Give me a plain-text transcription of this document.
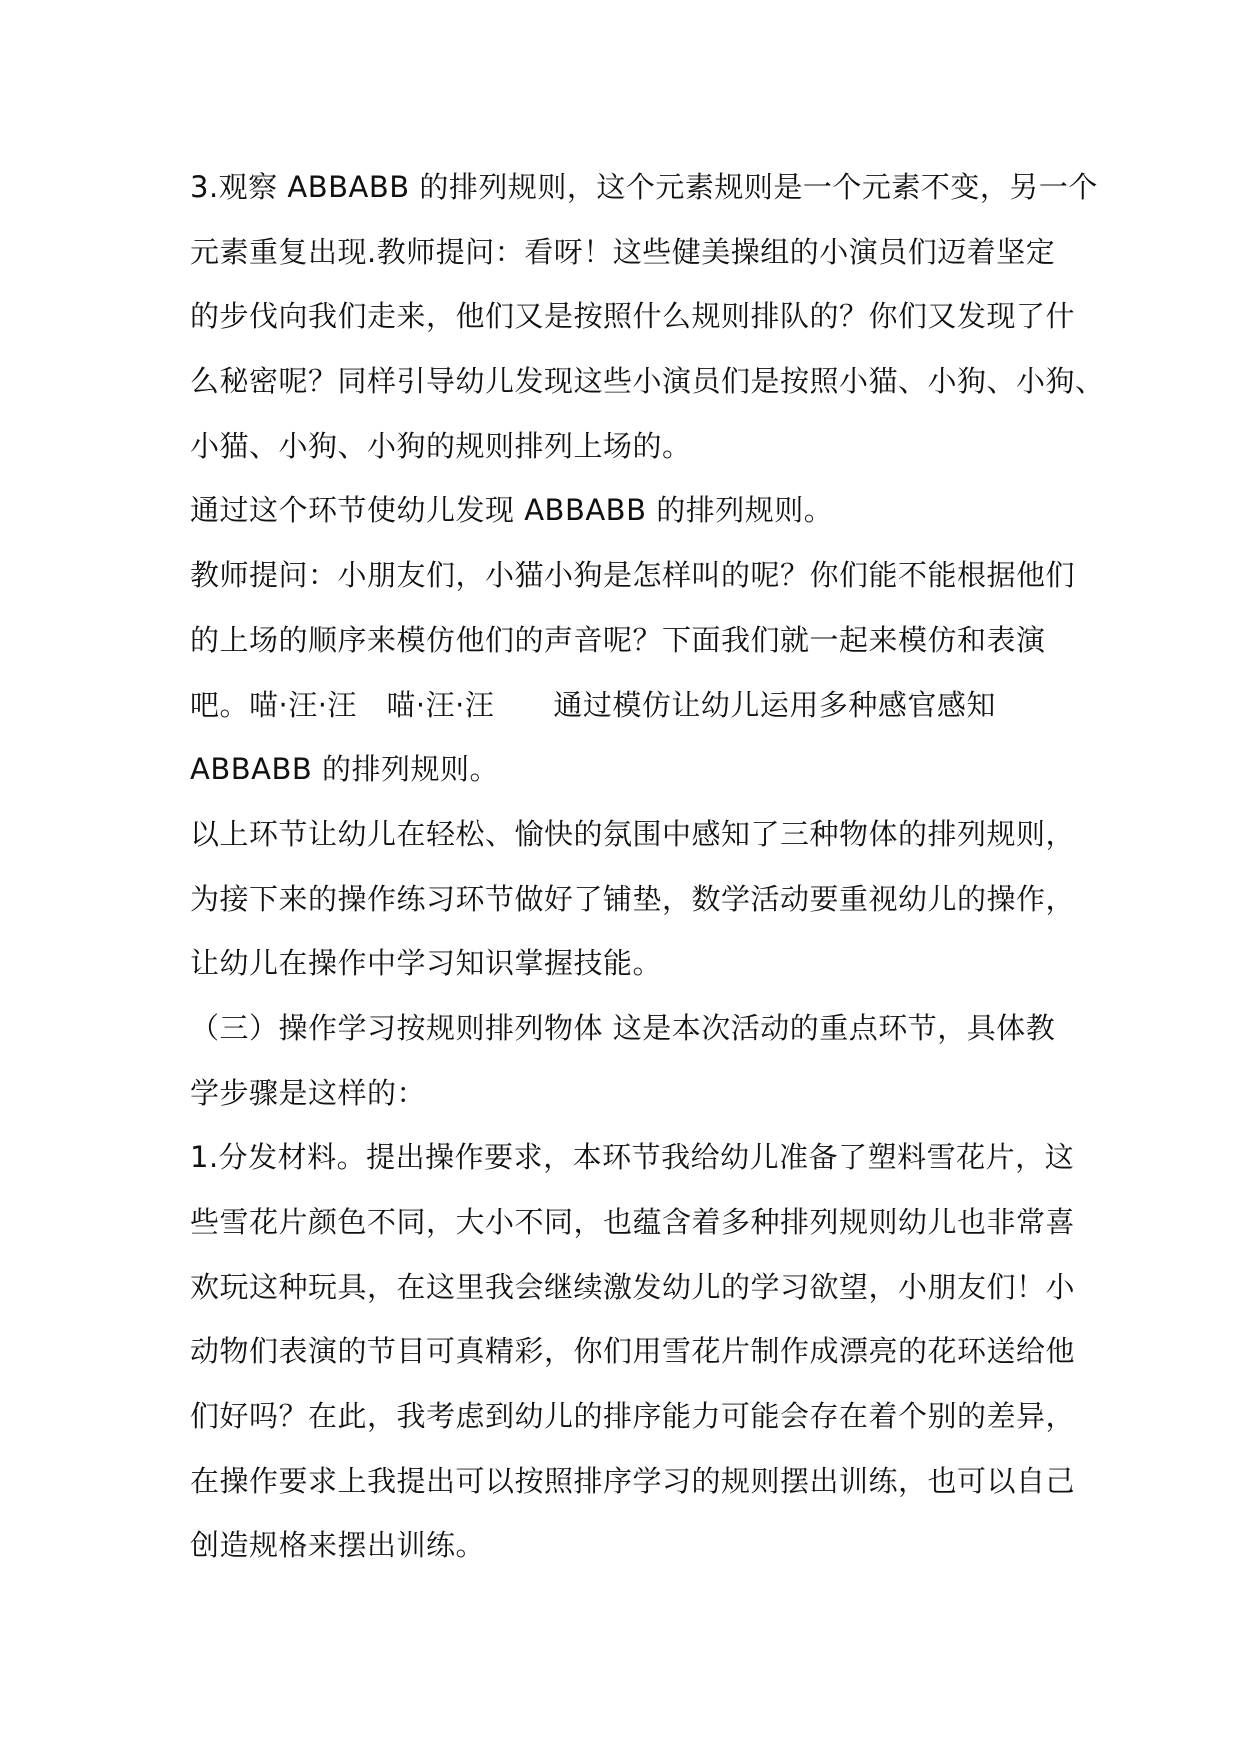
3.观察 ABBABB 的排列规则，这个元素规则是一个元素不变，另一个
元素重复出现.教师提问：看呀！这些健美操组的小演员们迈着坚定
的步伐向我们走来，他们又是按照什么规则排队的？你们又发现了什
么秘密呢？同样引导幼儿发现这些小演员们是按照小猫、小狗、小狗、
小猫、小狗、小狗的规则排列上场的。
通过这个环节使幼儿发现 ABBABB 的排列规则。
教师提问：小朋友们，小猫小狗是怎样叫的呢？你们能不能根据他们
的上场的顺序来模仿他们的声音呢？下面我们就一起来模仿和表演
吧。喵·汪·汪　喵·汪·汪　　通过模仿让幼儿运用多种感官感知
ABBABB 的排列规则。
以上环节让幼儿在轻松、愉快的氛围中感知了三种物体的排列规则，
为接下来的操作练习环节做好了铺垫，数学活动要重视幼儿的操作，
让幼儿在操作中学习知识掌握技能。
（三）操作学习按规则排列物体 这是本次活动的重点环节，具体教
学步骤是这样的：
1.分发材料。提出操作要求，本环节我给幼儿准备了塑料雪花片，这
些雪花片颜色不同，大小不同，也蕴含着多种排列规则幼儿也非常喜
欢玩这种玩具，在这里我会继续激发幼儿的学习欲望，小朋友们！小
动物们表演的节目可真精彩，你们用雪花片制作成漂亮的花环送给他
们好吗？在此，我考虑到幼儿的排序能力可能会存在着个别的差异，
在操作要求上我提出可以按照排序学习的规则摆出训练，也可以自己
创造规格来摆出训练。
